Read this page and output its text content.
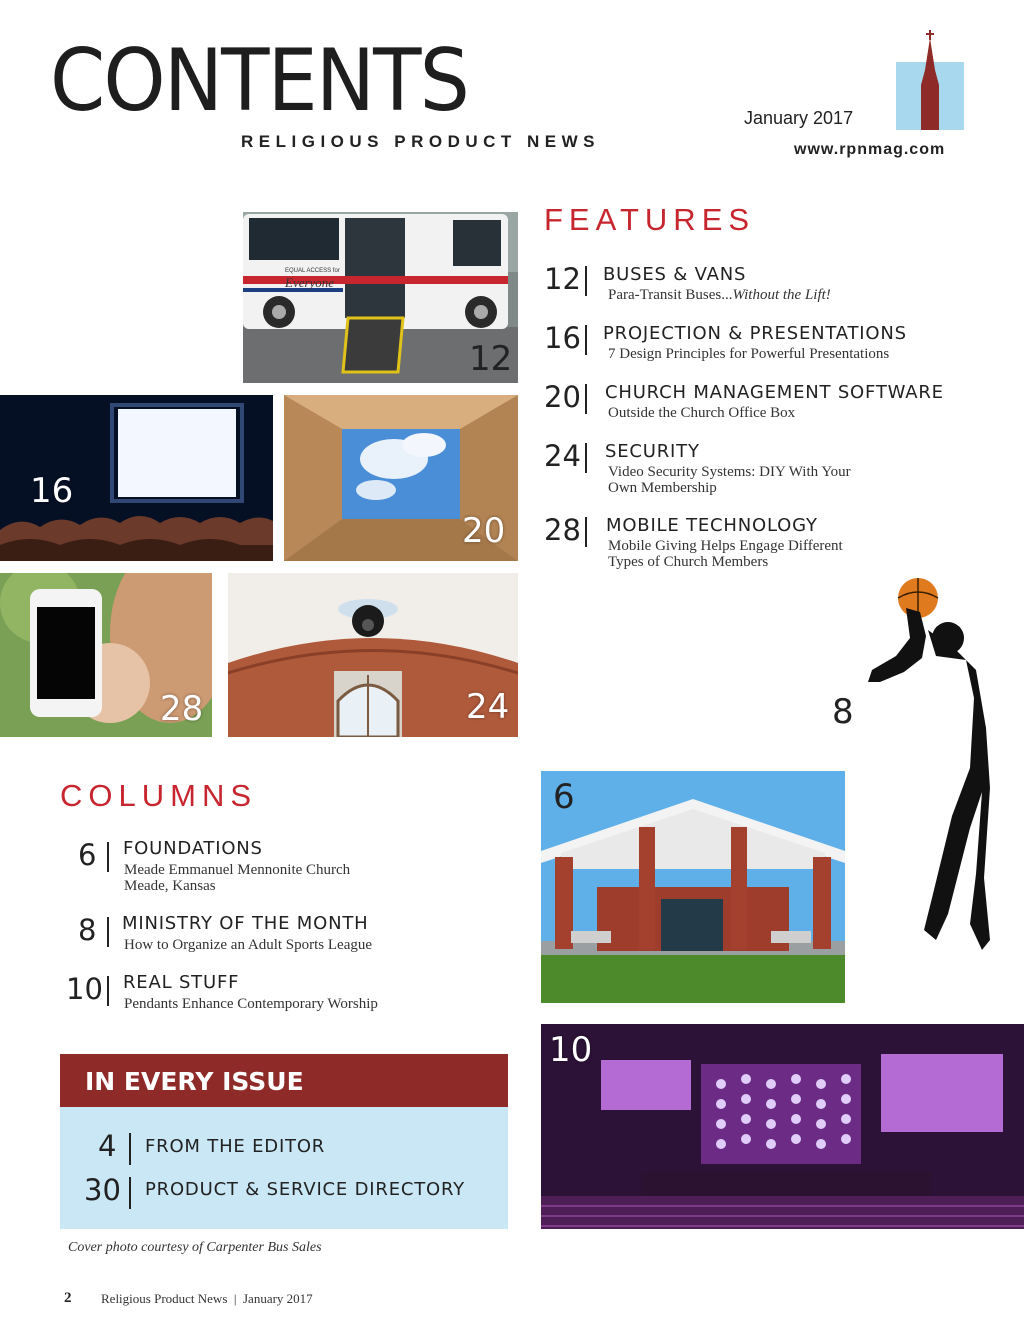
CONTENTS
RELIGIOUS PRODUCT NEWS
January 2017
www.rpnmag.com
EQUAL ACCESS for
Everyone
12
16
20
28	24
6
10
8
FEATURES
12 BUSES & VANS
Para-Transit Buses...Without the Lift!
16 PROJECTION & PRESENTATIONS
7 Design Principles for Powerful Presentations
20 CHURCH MANAGEMENT SOFTWARE
Outside the Church Office Box
24 SECURITY
Video Security Systems: DIY With Your
Own Membership
28 MOBILE TECHNOLOGY
Mobile Giving Helps Engage Different
Types of Church Members
COLUMNS
6 FOUNDATIONS
Meade Emmanuel Mennonite Church
Meade, Kansas
8 MINISTRY OF THE MONTH
How to Organize an Adult Sports League
10 REAL STUFF
Pendants Enhance Contemporary Worship
IN EVERY ISSUE
4 FROM THE EDITOR
30 PRODUCT & SERVICE DIRECTORY
Cover photo courtesy of Carpenter Bus Sales
2 Religious Product News  |  January 2017
